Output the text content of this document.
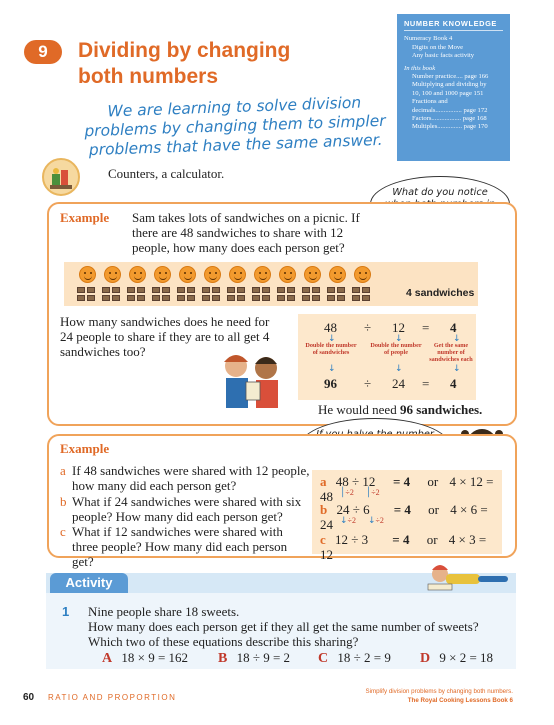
NUMBER KNOWLEDGE
Numeracy Book 4
Digits on the Move
Any basic facts activity
In this book
Number practice.... page 166
Multiplying and dividing by
10, 100 and 1000 page 151
Fractions and
decimals................ page 172
Factors.................. page 168
Multiples............... page 170
9	Dividing by changing both numbers
We are learning to solve division problems by changing them to simpler problems that have the same answer.
Counters, a calculator.
What do you notice
Example Sam takes lots of sandwiches on a picnic. If there are 48 sandwiches to share with 12 people, how many does each person get?
4 sandwiches
How many sandwiches does he need for 24 people to share if they are to all get 4 sandwiches too?
48 ÷ 12 = 4
↓	↓	↓
Double the number of sandwiches
Double the number of people
Get the same number of sandwiches each
↓	↓	↓
96 ÷ 24 = 4
He would need 96 sandwiches.
Example
a If 48 sandwiches were shared with 12 people, how many did each person get?
b What if 24 sandwiches were shared with six people? How many did each person get?
c What if 12 sandwiches were shared with three people? How many did each person get?
a 48 ÷ 12 = 4 or 4 × 12 = 48 │÷2 │÷2
b 24 ÷ 6 = 4 or 4 × 6 = 24 ↓÷2 ↓÷2
c 12 ÷ 3 = 4 or 4 × 3 = 12
Activity
1 Nine people share 18 sweets.
How many does each person get if they all get the same number of sweets?
Which two of these equations describe this sharing?
A 18 × 9 = 162 B 18 ÷ 9 = 2 C 18 ÷ 2 = 9 D 9 × 2 = 18
60 RATIO AND PROPORTION
Simplify division problems by changing both numbers.
The Royal Cooking Lessons Book 6
